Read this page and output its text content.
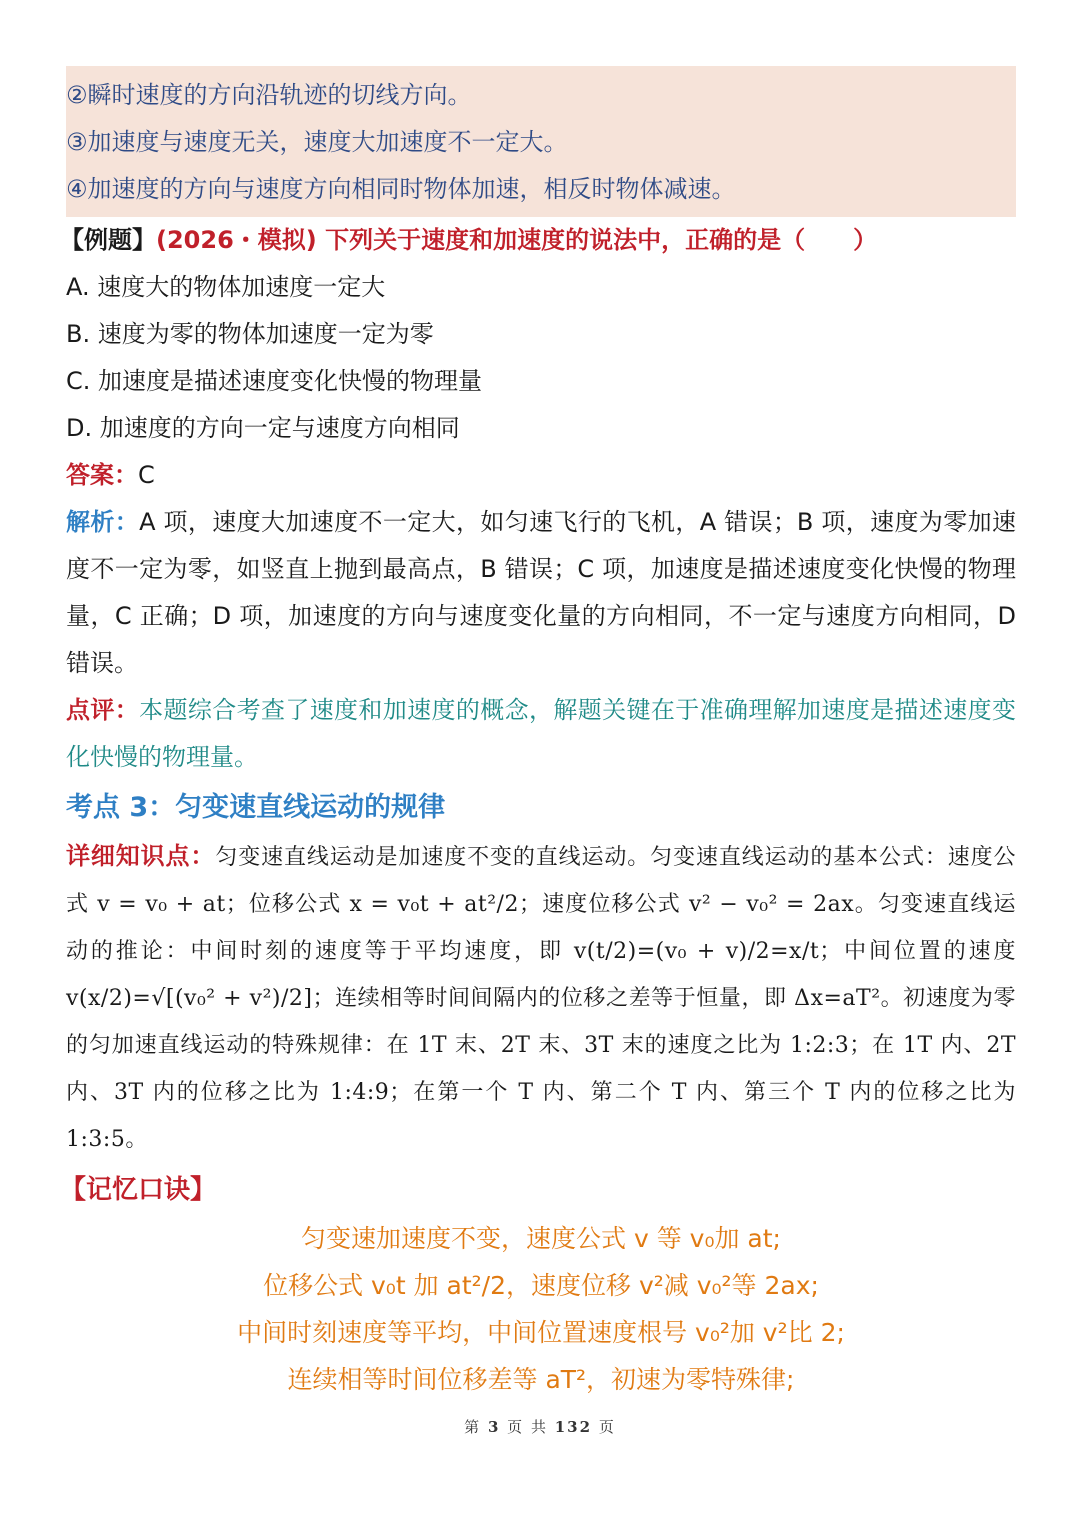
②瞬时速度的方向沿轨迹的切线方向。
③加速度与速度无关，速度大加速度不一定大。
④加速度的方向与速度方向相同时物体加速，相反时物体减速。
【例题】(2026・模拟) 下列关于速度和加速度的说法中，正确的是（　　）
A. 速度大的物体加速度一定大
B. 速度为零的物体加速度一定为零
C. 加速度是描述速度变化快慢的物理量
D. 加速度的方向一定与速度方向相同
答案：C
解析：A 项，速度大加速度不一定大，如匀速飞行的飞机，A 错误；B 项，速度为零加速度不一定为零，如竖直上抛到最高点，B 错误；C 项，加速度是描述速度变化快慢的物理量，C 正确；D 项，加速度的方向与速度变化量的方向相同，不一定与速度方向相同，D 错误。
点评：本题综合考查了速度和加速度的概念，解题关键在于准确理解加速度是描述速度变化快慢的物理量。
考点 3：匀变速直线运动的规律
详细知识点：匀变速直线运动是加速度不变的直线运动。匀变速直线运动的基本公式：速度公式 v = v₀ + at；位移公式 x = v₀t + at²/2；速度位移公式 v² − v₀² = 2ax。匀变速直线运动的推论：中间时刻的速度等于平均速度，即 v(t/2)=(v₀ + v)/2=x/t；中间位置的速度 v(x/2)=√[(v₀² + v²)/2]；连续相等时间间隔内的位移之差等于恒量，即 Δx=aT²。初速度为零的匀加速直线运动的特殊规律：在 1T 末、2T 末、3T 末的速度之比为 1:2:3；在 1T 内、2T 内、3T 内的位移之比为 1:4:9；在第一个 T 内、第二个 T 内、第三个 T 内的位移之比为 1:3:5。
【记忆口诀】
匀变速加速度不变，速度公式 v 等 v₀加 at;
位移公式 v₀t 加 at²/2，速度位移 v²减 v₀²等 2ax;
中间时刻速度等平均，中间位置速度根号 v₀²加 v²比 2;
连续相等时间位移差等 aT²，初速为零特殊律;
第 3 页 共 132 页
